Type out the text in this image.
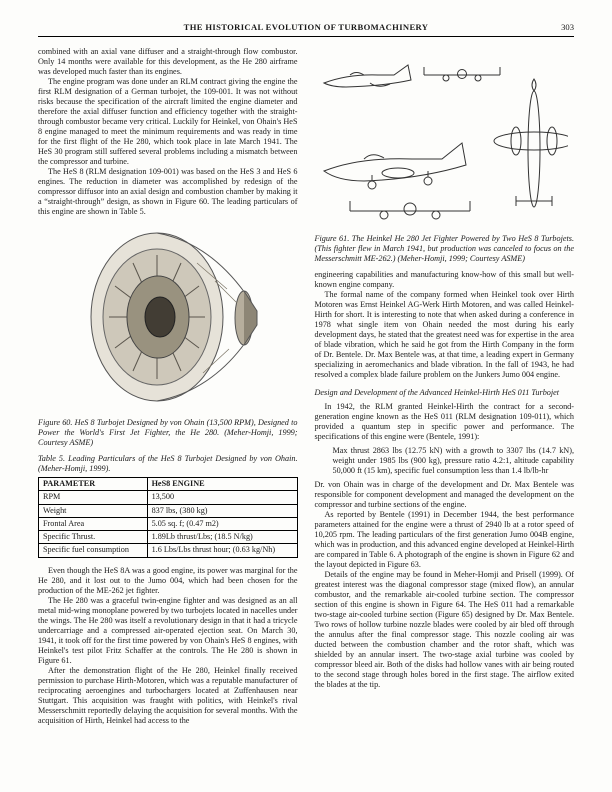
THE HISTORICAL EVOLUTION OF TURBOMACHINERY	303

combined with an axial vane diffuser and a straight-through flow combustor. Only 14 months were available for this development, as the He 280 airframe was developed much faster than its engines.

The engine program was done under an RLM contract giving the engine the first RLM designation of a German turbojet, the 109-001. It was not without risks because the specification of the aircraft limited the engine diameter and therefore the axial diffuser function and efficiency together with the straight-through combustor became very critical. Luckily for Heinkel, von Ohain's HeS 8 engine managed to meet the minimum requirements and was ready in time for the first flight of the He 280, which took place in late March 1941. The HeS 30 program still suffered several problems including a mismatch between the compressor and turbine.

The HeS 8 (RLM designation 109-001) was based on the HeS 3 and HeS 6 engines. The reduction in diameter was accomplished by redesign of the compressor diffusor into an axial design and combustion chamber by making it a “straight-through” design, as shown in Figure 60. The leading particulars of this engine are shown in Table 5.

Figure 60. HeS 8 Turbojet Designed by von Ohain (13,500 RPM), Designed to Power the World's First Jet Fighter, the He 280. (Meher-Homji, 1999; Courtesy ASME)

Table 5. Leading Particulars of the HeS 8 Turbojet Designed by von Ohain. (Meher-Homji, 1999).

PARAMETER	HeS8 ENGINE
RPM	13,500
Weight	837 lbs, (380 kg)
Frontal Area	5.05 sq. f; (0.47 m2)
Specific Thrust.	1.89Lb thrust/Lbs; (18.5 N/kg)
Specific fuel consumption	1.6 Lbs/Lbs thrust hour; (0.63 kg/Nh)

Even though the HeS 8A was a good engine, its power was marginal for the He 280, and it lost out to the Jumo 004, which had been chosen for the production of the ME-262 jet fighter.

The He 280 was a graceful twin-engine fighter and was designed as an all metal mid-wing monoplane powered by two turbojets located in nacelles under the wings. The He 280 was itself a revolutionary design in that it had a tricycle undercarriage and a compressed air-operated ejection seat. On March 30, 1941, it took off for the first time powered by von Ohain's HeS 8 engines, with Heinkel's test pilot Fritz Schaffer at the controls. The He 280 is shown in Figure 61.

After the demonstration flight of the He 280, Heinkel finally received permission to purchase Hirth-Motoren, which was a reputable manufacturer of reciprocating aeroengines and turbochargers located at Zuffenhausen near Stuttgart. This acquisition was fraught with politics, with Heinkel's rival Messerschmitt reportedly delaying the acquisition for several months. With the acquisition of Hirth, Heinkel had access to the

Figure 61. The Heinkel He 280 Jet Fighter Powered by Two HeS 8 Turbojets. (This fighter flew in March 1941, but production was canceled to focus on the Messerschmitt ME-262.) (Meher-Homji, 1999; Courtesy ASME)

engineering capabilities and manufacturing know-how of this small but well-known engine company.

The formal name of the company formed when Heinkel took over Hirth Motoren was Ernst Heinkel AG-Werk Hirth Motoren, and was called Heinkel-Hirth for short. It is interesting to note that when asked during a conference in 1978 what single item von Ohain needed the most during his early development days, he stated that the greatest need was for expertise in the area of blade vibration, which he said he got from the Hirth Company in the form of Dr. Bentele. Dr. Max Bentele was, at that time, a leading expert in Germany specializing in aeromechanics and blade vibration. In the fall of 1943, he had resolved a complex blade failure problem on the Junkers Jumo 004 engine.

Design and Development of the Advanced Heinkel-Hirth HeS 011 Turbojet

In 1942, the RLM granted Heinkel-Hirth the contract for a second-generation engine known as the HeS 011 (RLM designation 109-011), which provided a quantum step in specific power and performance. The specifications of this engine were (Bentele, 1991):

Max thrust 2863 lbs (12.75 kN) with a growth to 3307 lbs (14.7 kN), weight under 1985 lbs (900 kg), pressure ratio 4.2:1, altitude capability 50,000 ft (15 km), specific fuel consumption less than 1.4 lb/lb-hr

Dr. von Ohain was in charge of the development and Dr. Max Bentele was responsible for component development and managed the development on the compressor and turbine sections of the engine.

As reported by Bentele (1991) in December 1944, the best performance parameters attained for the engine were a thrust of 2940 lb at a rotor speed of 10,205 rpm. The leading particulars of the first generation Jumo 004B engine, which was in production, and this advanced engine developed at Heinkel-Hirth are compared in Table 6. A photograph of the engine is shown in Figure 62 and the layout depicted in Figure 63.

Details of the engine may be found in Meher-Homji and Prisell (1999). Of greatest interest was the diagonal compressor stage (mixed flow), an annular combustor, and the remarkable air-cooled turbine section. The compressor section of this engine is shown in Figure 64. The HeS 011 had a remarkable two-stage air-cooled turbine section (Figure 65) designed by Dr. Max Bentele. Two rows of hollow turbine nozzle blades were cooled by air bled off through the annulus after the final compressor stage. This nozzle cooling air was ducted between the combustion chamber and the rotor shaft, which was shielded by an annular insert. The two-stage axial turbine was cooled by compressor bleed air. Both of the disks had hollow vanes with air being routed to the second stage through holes bored in the first stage. The airflow exited the blades at the tip.
